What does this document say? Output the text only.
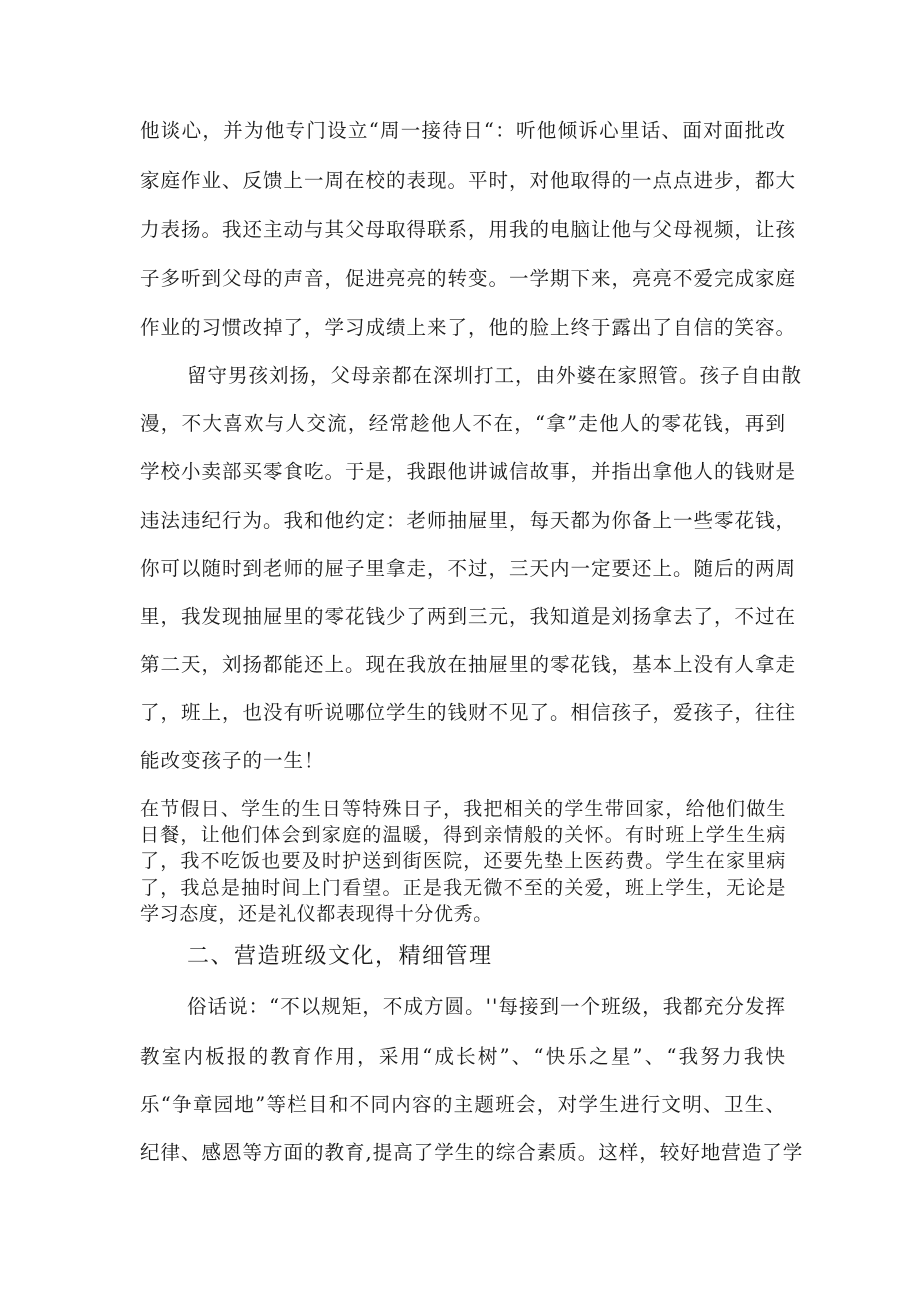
他谈心，并为他专门设立“周一接待日“：听他倾诉心里话、面对面批改
家庭作业、反馈上一周在校的表现。平时，对他取得的一点点进步，都大
力表扬。我还主动与其父母取得联系，用我的电脑让他与父母视频，让孩
子多听到父母的声音，促进亮亮的转变。一学期下来，亮亮不爱完成家庭
作业的习惯改掉了，学习成绩上来了，他的脸上终于露出了自信的笑容。
留守男孩刘扬，父母亲都在深圳打工，由外婆在家照管。孩子自由散
漫，不大喜欢与人交流，经常趁他人不在，“拿”走他人的零花钱，再到
学校小卖部买零食吃。于是，我跟他讲诚信故事，并指出拿他人的钱财是
违法违纪行为。我和他约定：老师抽屉里，每天都为你备上一些零花钱，
你可以随时到老师的屉子里拿走，不过，三天内一定要还上。随后的两周
里，我发现抽屉里的零花钱少了两到三元，我知道是刘扬拿去了，不过在
第二天，刘扬都能还上。现在我放在抽屉里的零花钱，基本上没有人拿走
了，班上，也没有听说哪位学生的钱财不见了。相信孩子，爱孩子，往往
能改变孩子的一生！
在节假日、学生的生日等特殊日子，我把相关的学生带回家，给他们做生
日餐，让他们体会到家庭的温暖，得到亲情般的关怀。有时班上学生生病
了，我不吃饭也要及时护送到街医院，还要先垫上医药费。学生在家里病
了，我总是抽时间上门看望。正是我无微不至的关爱，班上学生，无论是
学习态度，还是礼仪都表现得十分优秀。
二、营造班级文化，精细管理
俗话说：“不以规矩，不成方圆。''每接到一个班级，我都充分发挥
教室内板报的教育作用，采用“成长树”、“快乐之星”、“我努力我快
乐“争章园地”等栏目和不同内容的主题班会，对学生进行文明、卫生、
纪律、感恩等方面的教育,提高了学生的综合素质。这样，较好地营造了学
